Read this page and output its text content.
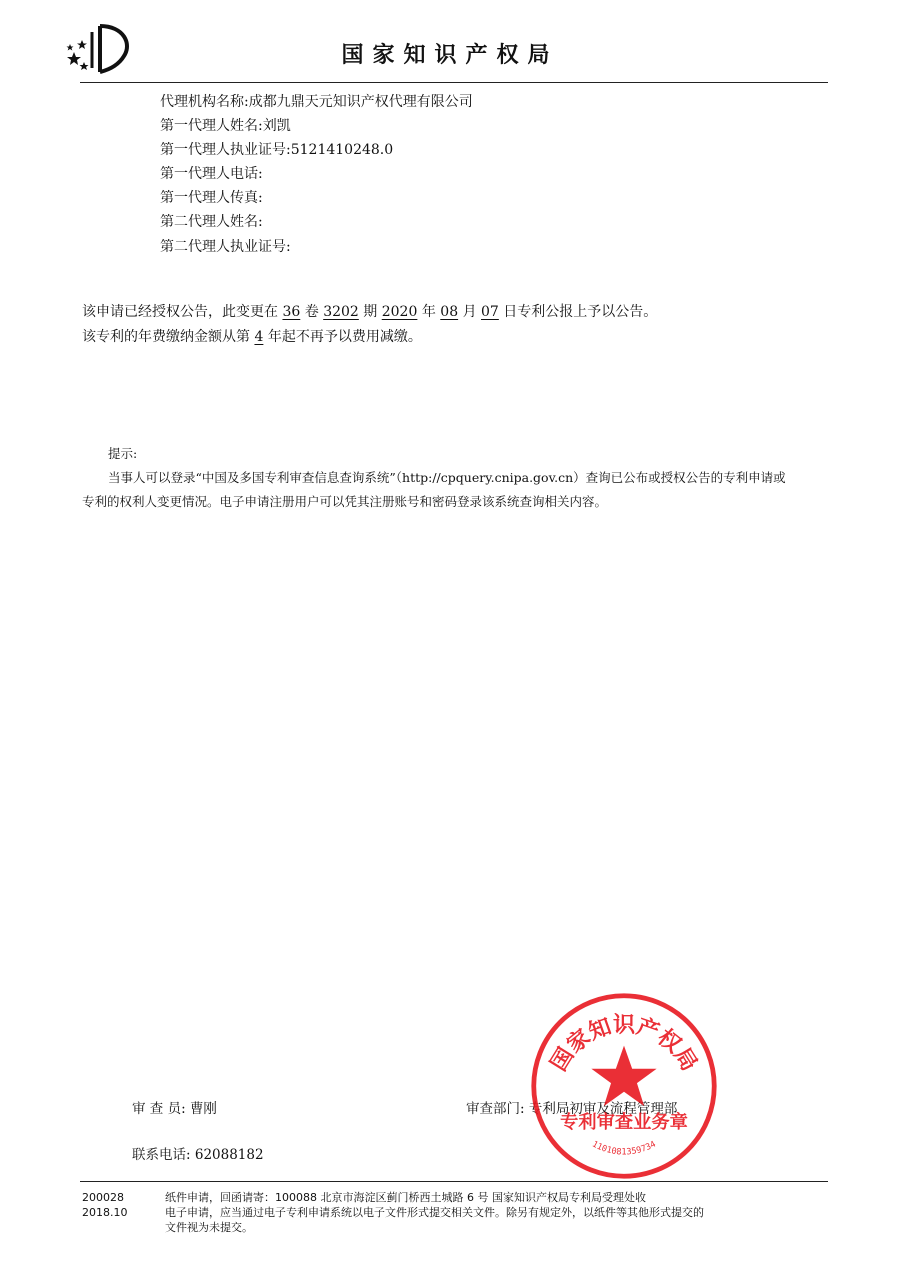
国家知识产权局
代理机构名称:成都九鼎天元知识产权代理有限公司
第一代理人姓名:刘凯
第一代理人执业证号:5121410248.0
第一代理人电话:
第一代理人传真:
第二代理人姓名:
第二代理人执业证号:
该申请已经授权公告，此变更在 36 卷 3202 期 2020 年 08 月 07 日专利公报上予以公告。
该专利的年费缴纳金额从第 4 年起不再予以费用减缴。
提示:
当事人可以登录“中国及多国专利审查信息查询系统”（http://cpquery.cnipa.gov.cn）查询已公布或授权公告的专利申请或
专利的权利人变更情况。电子申请注册用户可以凭其注册账号和密码登录该系统查询相关内容。
审 查 员: 曹刚	审查部门: 专利局初审及流程管理部
联系电话: 62088182
国家知识产权局
专利审查业务章
1101081359734
200028
2018.10
纸件申请，回函请寄：100088 北京市海淀区蓟门桥西土城路 6 号 国家知识产权局专利局受理处收
电子申请，应当通过电子专利申请系统以电子文件形式提交相关文件。除另有规定外，以纸件等其他形式提交的
文件视为未提交。
